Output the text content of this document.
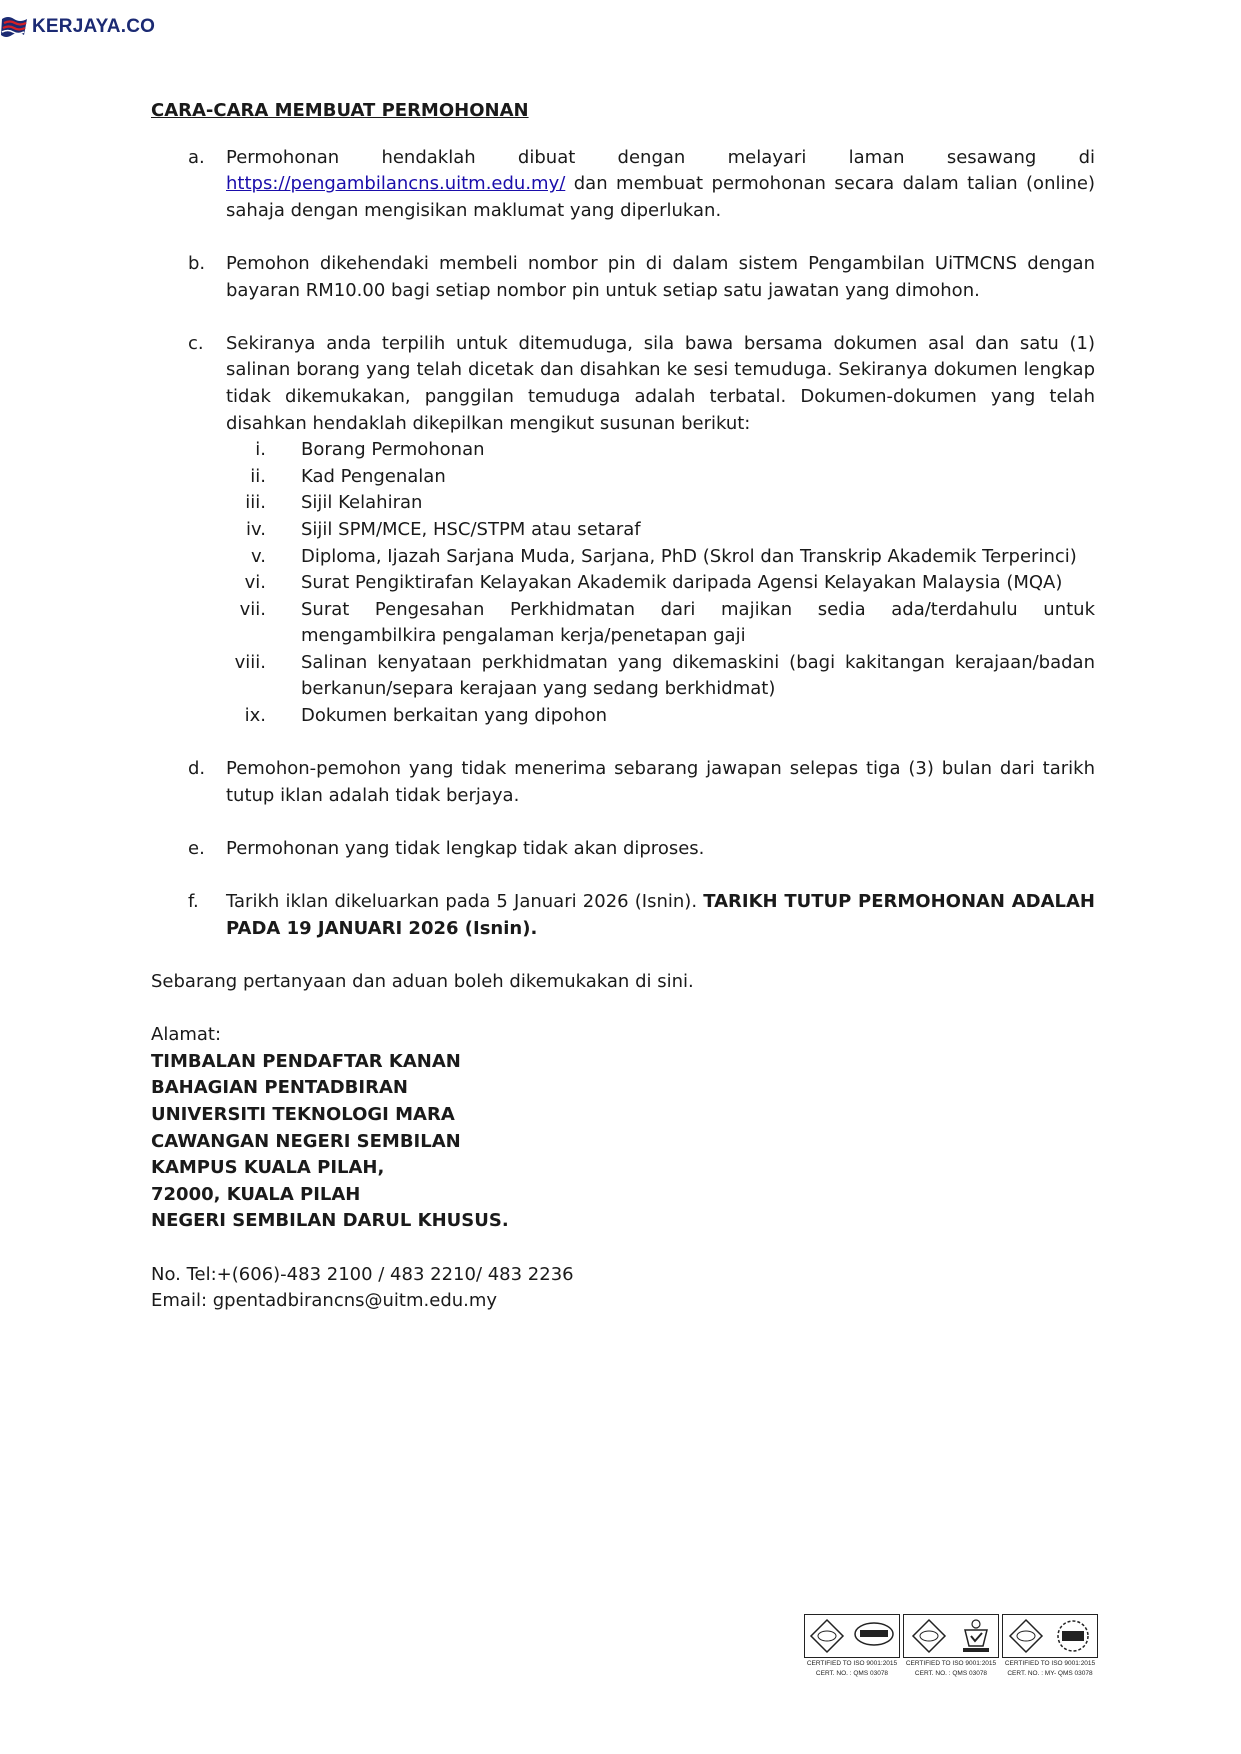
KERJAYA.CO
CARA-CARA MEMBUAT PERMOHONAN
a.	Permohonan hendaklah dibuat dengan melayari laman sesawang di https://pengambilancns.uitm.edu.my/ dan membuat permohonan secara dalam talian (online) sahaja dengan mengisikan maklumat yang diperlukan.
b.	Pemohon dikehendaki membeli nombor pin di dalam sistem Pengambilan UiTMCNS dengan bayaran RM10.00 bagi setiap nombor pin untuk setiap satu jawatan yang dimohon.
c.	Sekiranya anda terpilih untuk ditemuduga, sila bawa bersama dokumen asal dan satu (1) salinan borang yang telah dicetak dan disahkan ke sesi temuduga. Sekiranya dokumen lengkap tidak dikemukakan, panggilan temuduga adalah terbatal. Dokumen-dokumen yang telah disahkan hendaklah dikepilkan mengikut susunan berikut:
i.	Borang Permohonan
ii.	Kad Pengenalan
iii.	Sijil Kelahiran
iv.	Sijil SPM/MCE, HSC/STPM atau setaraf
v.	Diploma, Ijazah Sarjana Muda, Sarjana, PhD (Skrol dan Transkrip Akademik Terperinci)
vi.	Surat Pengiktirafan Kelayakan Akademik daripada Agensi Kelayakan Malaysia (MQA)
vii.	Surat Pengesahan Perkhidmatan dari majikan sedia ada/terdahulu untuk mengambilkira pengalaman kerja/penetapan gaji
viii.	Salinan kenyataan perkhidmatan yang dikemaskini (bagi kakitangan kerajaan/badan berkanun/separa kerajaan yang sedang berkhidmat)
ix.	Dokumen berkaitan yang dipohon
d.	Pemohon-pemohon yang tidak menerima sebarang jawapan selepas tiga (3) bulan dari tarikh tutup iklan adalah tidak berjaya.
e.	Permohonan yang tidak lengkap tidak akan diproses.
f.	Tarikh iklan dikeluarkan pada 5 Januari 2026 (Isnin). TARIKH TUTUP PERMOHONAN ADALAH PADA 19 JANUARI 2026 (Isnin).
Sebarang pertanyaan dan aduan boleh dikemukakan di sini.
Alamat:
TIMBALAN PENDAFTAR KANAN
BAHAGIAN PENTADBIRAN
UNIVERSITI TEKNOLOGI MARA
CAWANGAN NEGERI SEMBILAN
KAMPUS KUALA PILAH,
72000, KUALA PILAH
NEGERI SEMBILAN DARUL KHUSUS.
No. Tel:+(606)-483 2100 / 483 2210/ 483 2236
Email: gpentadbirancns@uitm.edu.my
CERTIFIED TO ISO 9001:2015
CERT. NO. : QMS 03078
CERTIFIED TO ISO 9001:2015
CERT. NO. : QMS 03078
CERTIFIED TO ISO 9001:2015
CERT. NO. : MY- QMS 03078
